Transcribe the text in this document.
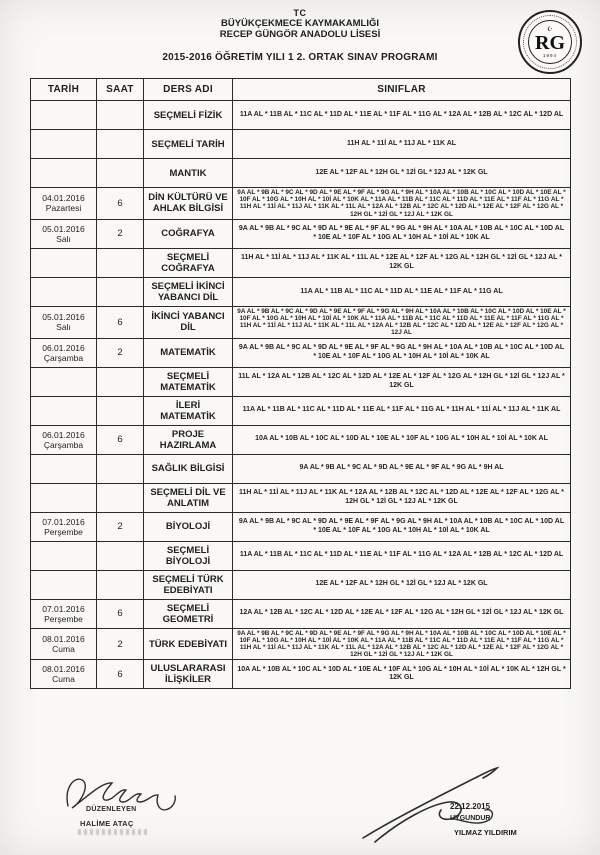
TC
BÜYÜKÇEKMECE KAYMAKAMLIĞI
RECEP GÜNGÖR ANADOLU LİSESİ
2015-2016 ÖĞRETİM YILI 1 2. ORTAK SINAV PROGRAMI
☪
RG
1994
TARİH	SAAT	DERS ADI	SINIFLAR

		SEÇMELİ FİZİK	11A AL * 11B AL * 11C AL * 11D AL * 11E AL * 11F AL * 11G AL * 12A AL * 12B AL * 12C AL * 12D AL

		SEÇMELİ TARİH	11H AL * 11İ AL * 11J AL * 11K AL

		MANTIK	12E AL * 12F AL * 12H GL * 12İ GL * 12J AL * 12K GL

04.01.2016
Pazartesi	6	DİN KÜLTÜRÜ VE AHLAK BİLGİSİ	9A AL * 9B AL * 9C AL * 9D AL * 9E AL * 9F AL * 9G AL * 9H AL * 10A AL * 10B AL * 10C AL * 10D AL * 10E AL * 10F AL * 10G AL * 10H AL * 10İ AL * 10K AL * 11A AL * 11B AL * 11C AL * 11D AL * 11E AL * 11F AL * 11G AL * 11H AL * 11İ AL * 11J AL * 11K AL * 11L AL * 12A AL * 12B AL * 12C AL * 12D AL * 12E AL * 12F AL * 12G AL * 12H GL * 12İ GL * 12J AL * 12K GL

05.01.2016
Salı	2	COĞRAFYA	9A AL * 9B AL * 9C AL * 9D AL * 9E AL * 9F AL * 9G AL * 9H AL * 10A AL * 10B AL * 10C AL * 10D AL * 10E AL * 10F AL * 10G AL * 10H AL * 10İ AL * 10K AL

		SEÇMELİ COĞRAFYA	11H AL * 11İ AL * 11J AL * 11K AL * 11L AL * 12E AL * 12F AL * 12G AL * 12H GL * 12İ GL * 12J AL * 12K GL

		SEÇMELİ İKİNCİ YABANCI DİL	11A AL * 11B AL * 11C AL * 11D AL * 11E AL * 11F AL * 11G AL

05.01.2016
Salı	6	İKİNCİ YABANCI DİL	9A AL * 9B AL * 9C AL * 9D AL * 9E AL * 9F AL * 9G AL * 9H AL * 10A AL * 10B AL * 10C AL * 10D AL * 10E AL * 10F AL * 10G AL * 10H AL * 10İ AL * 10K AL * 11A AL * 11B AL * 11C AL * 11D AL * 11E AL * 11F AL * 11G AL * 11H AL * 11İ AL * 11J AL * 11K AL * 11L AL * 12A AL * 12B AL * 12C AL * 12D AL * 12E AL * 12F AL * 12G AL * 12J AL

06.01.2016
Çarşamba	2	MATEMATİK	9A AL * 9B AL * 9C AL * 9D AL * 9E AL * 9F AL * 9G AL * 9H AL * 10A AL * 10B AL * 10C AL * 10D AL * 10E AL * 10F AL * 10G AL * 10H AL * 10İ AL * 10K AL

		SEÇMELİ MATEMATİK	11L AL * 12A AL * 12B AL * 12C AL * 12D AL * 12E AL * 12F AL * 12G AL * 12H GL * 12İ GL * 12J AL * 12K GL

		İLERİ MATEMATİK	11A AL * 11B AL * 11C AL * 11D AL * 11E AL * 11F AL * 11G AL * 11H AL * 11İ AL * 11J AL * 11K AL

06.01.2016
Çarşamba	6	PROJE HAZIRLAMA	10A AL * 10B AL * 10C AL * 10D AL * 10E AL * 10F AL * 10G AL * 10H AL * 10İ AL * 10K AL

		SAĞLIK BİLGİSİ	9A AL * 9B AL * 9C AL * 9D AL * 9E AL * 9F AL * 9G AL * 9H AL

		SEÇMELİ DİL VE ANLATIM	11H AL * 11İ AL * 11J AL * 11K AL * 12A AL * 12B AL * 12C AL * 12D AL * 12E AL * 12F AL * 12G AL * 12H GL * 12İ GL * 12J AL * 12K GL

07.01.2016
Perşembe	2	BİYOLOJİ	9A AL * 9B AL * 9C AL * 9D AL * 9E AL * 9F AL * 9G AL * 9H AL * 10A AL * 10B AL * 10C AL * 10D AL * 10E AL * 10F AL * 10G AL * 10H AL * 10İ AL * 10K AL

		SEÇMELİ BİYOLOJİ	11A AL * 11B AL * 11C AL * 11D AL * 11E AL * 11F AL * 11G AL * 12A AL * 12B AL * 12C AL * 12D AL

		SEÇMELİ TÜRK EDEBİYATI	12E AL * 12F AL * 12H GL * 12İ GL * 12J AL * 12K GL

07.01.2016
Perşembe	6	SEÇMELİ GEOMETRİ	12A AL * 12B AL * 12C AL * 12D AL * 12E AL * 12F AL * 12G AL * 12H GL * 12İ GL * 12J AL * 12K GL

08.01.2016
Cuma	2	TÜRK EDEBİYATI	9A AL * 9B AL * 9C AL * 9D AL * 9E AL * 9F AL * 9G AL * 9H AL * 10A AL * 10B AL * 10C AL * 10D AL * 10E AL * 10F AL * 10G AL * 10H AL * 10İ AL * 10K AL * 11A AL * 11B AL * 11C AL * 11D AL * 11E AL * 11F AL * 11G AL * 11H AL * 11İ AL * 11J AL * 11K AL * 11L AL * 12A AL * 12B AL * 12C AL * 12D AL * 12E AL * 12F AL * 12G AL * 12H GL * 12İ GL * 12J AL * 12K GL

08.01.2016
Cuma	6	ULUSLARARASI İLİŞKİLER	10A AL * 10B AL * 10C AL * 10D AL * 10E AL * 10F AL * 10G AL * 10H AL * 10İ AL * 10K AL * 12H GL * 12K GL
DÜZENLEYEN
HALİME ATAÇ
22.12.2015
UYGUNDUR
YILMAZ YILDIRIM
